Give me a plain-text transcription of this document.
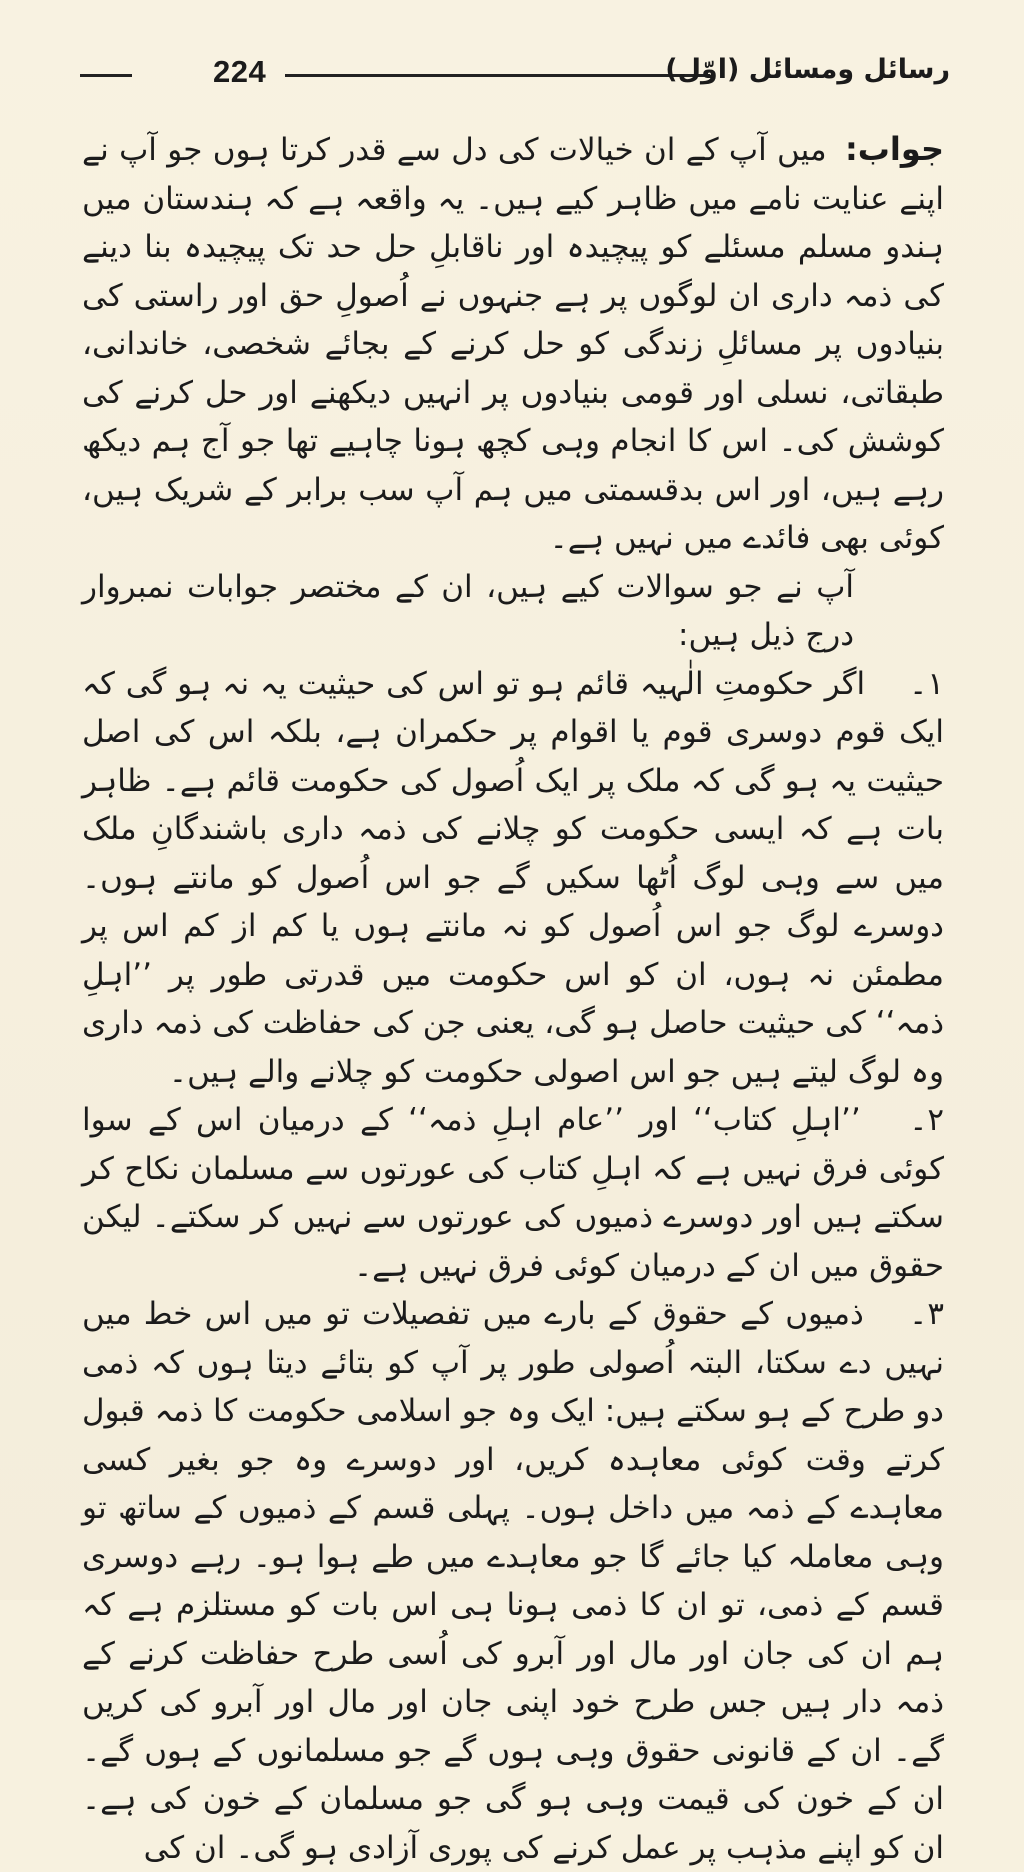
224	رسائل ومسائل (اوّل)

جواب: میں آپ کے ان خیالات کی دل سے قدر کرتا ہوں جو آپ نے اپنے عنایت نامے میں ظاہر کیے ہیں۔ یہ واقعہ ہے کہ ہندستان میں ہندو مسلم مسئلے کو پیچیدہ اور ناقابلِ حل حد تک پیچیدہ بنا دینے کی ذمہ داری ان لوگوں پر ہے جنہوں نے اُصولِ حق اور راستی کی بنیادوں پر مسائلِ زندگی کو حل کرنے کے بجائے شخصی، خاندانی، طبقاتی، نسلی اور قومی بنیادوں پر انہیں دیکھنے اور حل کرنے کی کوشش کی۔ اس کا انجام وہی کچھ ہونا چاہیے تھا جو آج ہم دیکھ رہے ہیں، اور اس بدقسمتی میں ہم آپ سب برابر کے شریک ہیں، کوئی بھی فائدے میں نہیں ہے۔

آپ نے جو سوالات کیے ہیں، ان کے مختصر جوابات نمبروار درج ذیل ہیں:

۱۔ اگر حکومتِ الٰہیہ قائم ہو تو اس کی حیثیت یہ نہ ہو گی کہ ایک قوم دوسری قوم یا اقوام پر حکمران ہے، بلکہ اس کی اصل حیثیت یہ ہو گی کہ ملک پر ایک اُصول کی حکومت قائم ہے۔ ظاہر بات ہے کہ ایسی حکومت کو چلانے کی ذمہ داری باشندگانِ ملک میں سے وہی لوگ اُٹھا سکیں گے جو اس اُصول کو مانتے ہوں۔ دوسرے لوگ جو اس اُصول کو نہ مانتے ہوں یا کم از کم اس پر مطمئن نہ ہوں، ان کو اس حکومت میں قدرتی طور پر ’’اہلِ ذمہ‘‘ کی حیثیت حاصل ہو گی، یعنی جن کی حفاظت کی ذمہ داری وہ لوگ لیتے ہیں جو اس اصولی حکومت کو چلانے والے ہیں۔

۲۔ ’’اہلِ کتاب‘‘ اور ’’عام اہلِ ذمہ‘‘ کے درمیان اس کے سوا کوئی فرق نہیں ہے کہ اہلِ کتاب کی عورتوں سے مسلمان نکاح کر سکتے ہیں اور دوسرے ذمیوں کی عورتوں سے نہیں کر سکتے۔ لیکن حقوق میں ان کے درمیان کوئی فرق نہیں ہے۔

۳۔ ذمیوں کے حقوق کے بارے میں تفصیلات تو میں اس خط میں نہیں دے سکتا، البتہ اُصولی طور پر آپ کو بتائے دیتا ہوں کہ ذمی دو طرح کے ہو سکتے ہیں: ایک وہ جو اسلامی حکومت کا ذمہ قبول کرتے وقت کوئی معاہدہ کریں، اور دوسرے وہ جو بغیر کسی معاہدے کے ذمہ میں داخل ہوں۔ پہلی قسم کے ذمیوں کے ساتھ تو وہی معاملہ کیا جائے گا جو معاہدے میں طے ہوا ہو۔ رہے دوسری قسم کے ذمی، تو ان کا ذمی ہونا ہی اس بات کو مستلزم ہے کہ ہم ان کی جان اور مال اور آبرو کی اُسی طرح حفاظت کرنے کے ذمہ دار ہیں جس طرح خود اپنی جان اور مال اور آبرو کی کریں گے۔ ان کے قانونی حقوق وہی ہوں گے جو مسلمانوں کے ہوں گے۔ ان کے خون کی قیمت وہی ہو گی جو مسلمان کے خون کی ہے۔ ان کو اپنے مذہب پر عمل کرنے کی پوری آزادی ہو گی۔ ان کی
